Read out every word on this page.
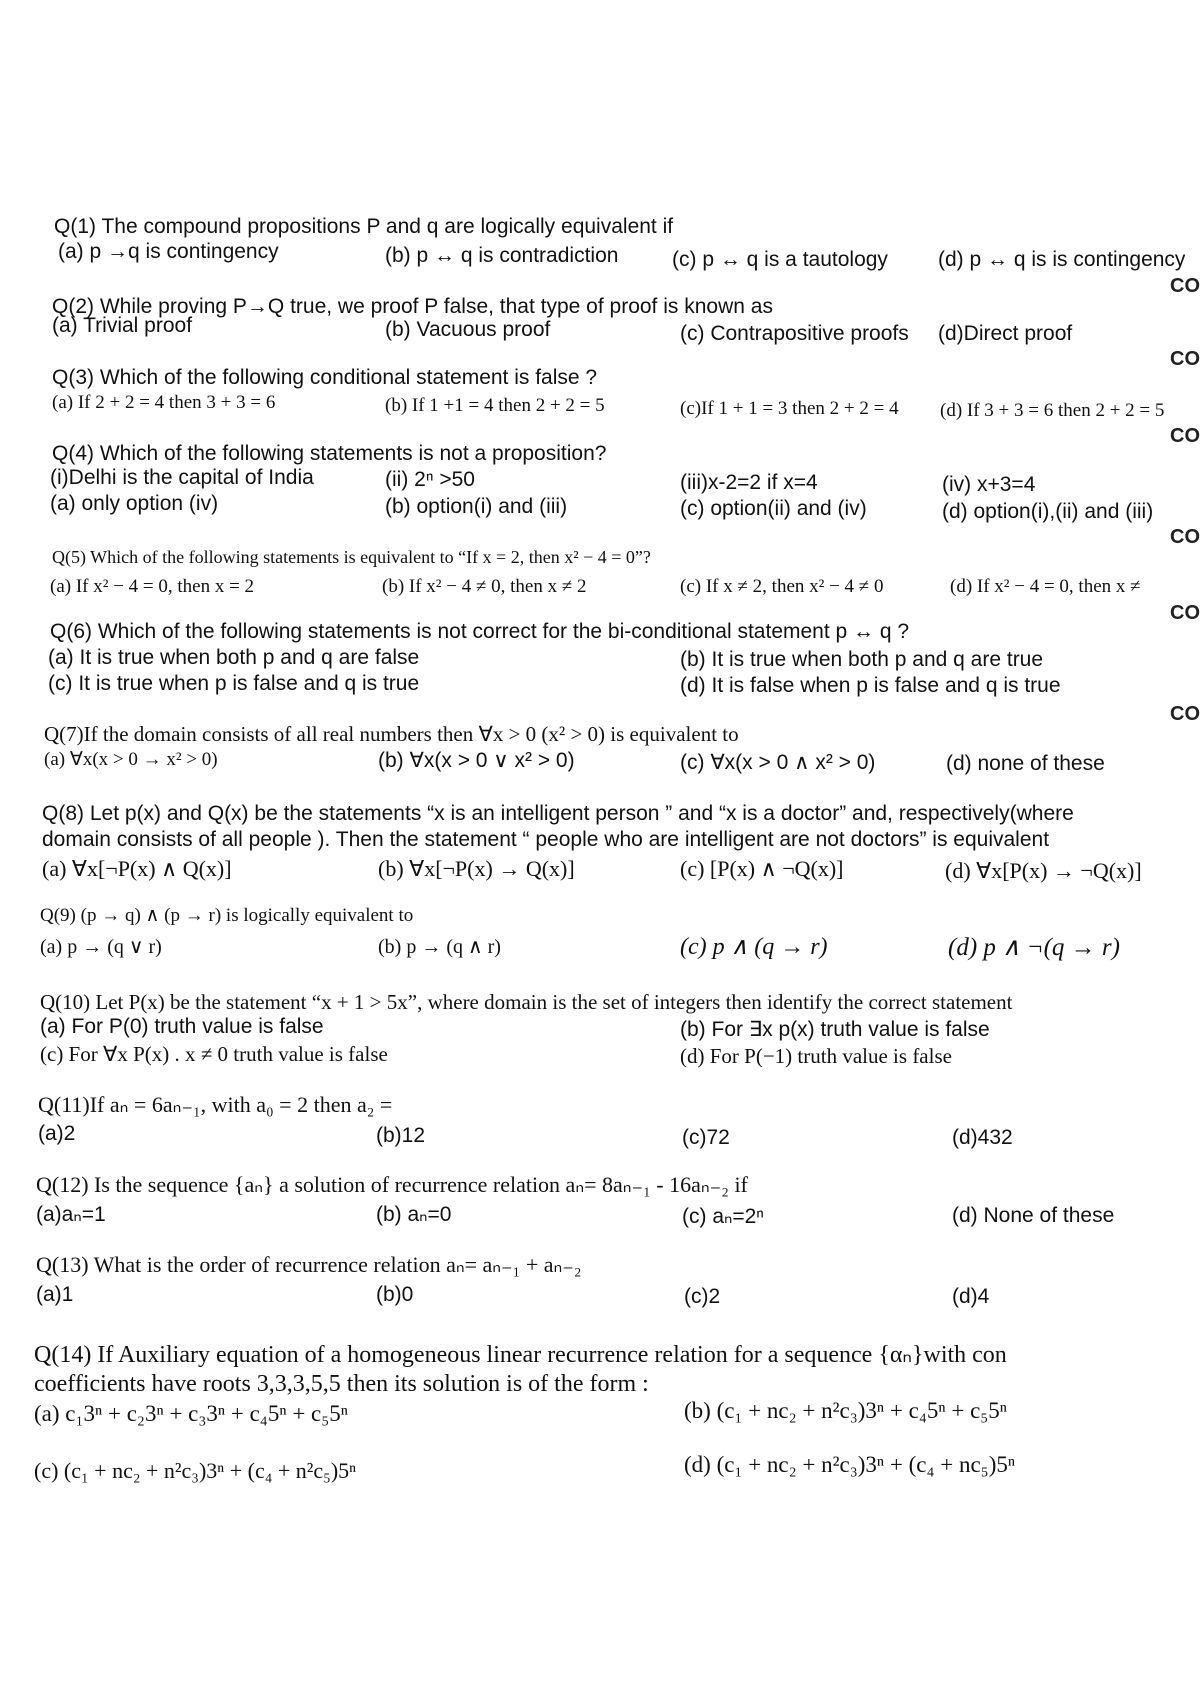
Q(1) The compound propositions P and q are logically equivalent if
(a) p →q is contingency	(b) p ↔ q is contradiction	(c) p ↔ q is a tautology (d) p ↔ q is is contingency
CO
Q(2) While proving P→Q true, we proof P false, that type of proof is known as
(a) Trivial proof	(b) Vacuous proof	(c) Contrapositive proofs (d)Direct proof
CO
Q(3) Which of the following conditional statement is false ?
(a) If 2 + 2 = 4 then 3 + 3 = 6	(b) If 1 +1 = 4 then 2 + 2 = 5	(c)If 1 + 1 = 3 then 2 + 2 = 4 (d) If 3 + 3 = 6 then 2 + 2 = 5
CO
Q(4) Which of the following statements is not a proposition?
(i)Delhi is the capital of India	(ii) 2ⁿ >50	(iii)x-2=2 if x=4	(iv) x+3=4
(a) only option (iv)	(b) option(i) and (iii)	(c) option(ii) and (iv)	(d) option(i),(ii) and (iii)
CO
Q(5) Which of the following statements is equivalent to “If x = 2, then x² − 4 = 0”?
(a) If x² − 4 = 0, then x = 2	(b) If x² − 4 ≠ 0, then x ≠ 2	(c) If x ≠ 2, then x² − 4 ≠ 0	(d) If x² − 4 = 0, then x ≠
CO
Q(6) Which of the following statements is not correct for the bi-conditional statement p ↔ q ?
(a) It is true when both p and q are false	(b) It is true when both p and q are true
(c) It is true when p is false and q is true	(d) It is false when p is false and q is true
CO
Q(7)If the domain consists of all real numbers then ∀x > 0 (x² > 0) is equivalent to
(a) ∀x(x > 0 → x² > 0)	(b) ∀x(x > 0 ∨ x² > 0)	(c) ∀x(x > 0 ∧ x² > 0)	(d) none of these
Q(8) Let p(x) and Q(x) be the statements “x is an intelligent person ” and “x is a doctor” and, respectively(where
domain consists of all people ). Then the statement “ people who are intelligent are not doctors” is equivalent
(a) ∀x[¬P(x) ∧ Q(x)]	(b) ∀x[¬P(x) → Q(x)]	(c) [P(x) ∧ ¬Q(x)]	(d) ∀x[P(x) → ¬Q(x)]
Q(9) (p → q) ∧ (p → r) is logically equivalent to
(a) p → (q ∨ r)	(b) p → (q ∧ r)	(c) p ∧ (q → r)	(d) p ∧ ¬(q → r)
Q(10) Let P(x) be the statement “x + 1 > 5x”, where domain is the set of integers then identify the correct statement
(a) For P(0) truth value is false	(b) For ∃x p(x) truth value is false
(c) For ∀x P(x) . x ≠ 0 truth value is false	(d) For P(−1) truth value is false
Q(11)If aₙ = 6aₙ₋₁, with a₀ = 2 then a₂ =
(a)2	(b)12	(c)72	(d)432
Q(12) Is the sequence {aₙ} a solution of recurrence relation aₙ= 8aₙ₋₁ - 16aₙ₋₂ if
(a)aₙ=1	(b) aₙ=0	(c) aₙ=2ⁿ	(d) None of these
Q(13) What is the order of recurrence relation aₙ= aₙ₋₁ + aₙ₋₂
(a)1	(b)0	(c)2	(d)4
Q(14) If Auxiliary equation of a homogeneous linear recurrence relation for a sequence {αₙ}with con
coefficients have roots 3,3,3,5,5 then its solution is of the form :
(a) c₁3ⁿ + c₂3ⁿ + c₃3ⁿ + c₄5ⁿ + c₅5ⁿ	(b) (c₁ + nc₂ + n²c₃)3ⁿ + c₄5ⁿ + c₅5ⁿ
(c) (c₁ + nc₂ + n²c₃)3ⁿ + (c₄ + n²c₅)5ⁿ	(d) (c₁ + nc₂ + n²c₃)3ⁿ + (c₄ + nc₅)5ⁿ
